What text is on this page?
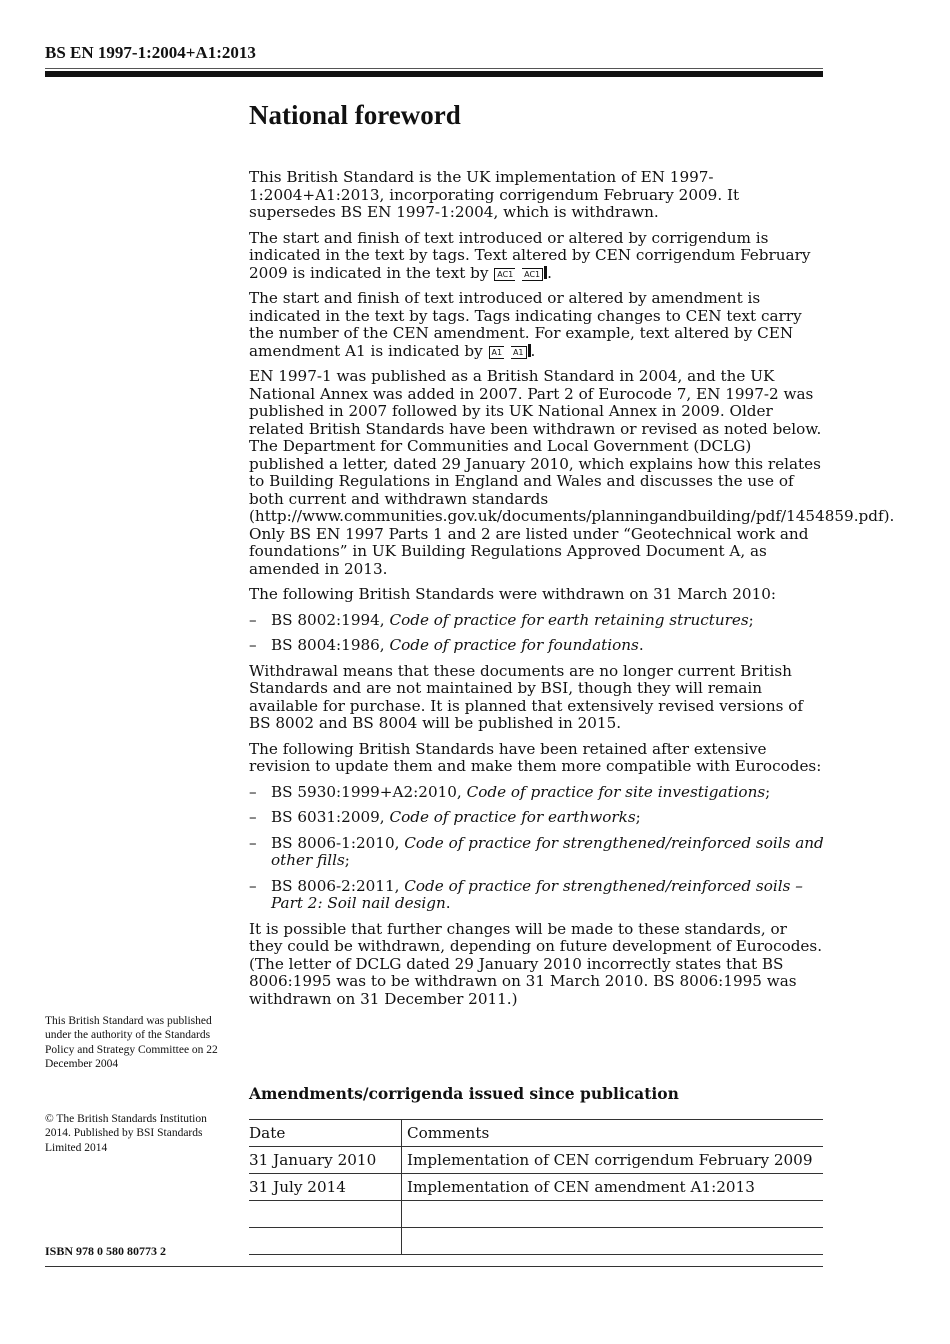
BS EN 1997-1:2004+A1:2013
National foreword

This British Standard is the UK implementation of EN 1997-1:2004+A1:2013, incorporating corrigendum February 2009. It supersedes BS EN 1997-1:2004, which is withdrawn.

The start and finish of text introduced or altered by corrigendum is indicated in the text by tags. Text altered by CEN corrigendum February 2009 is indicated in the text by AC1 AC1 .

The start and finish of text introduced or altered by amendment is indicated in the text by tags. Tags indicating changes to CEN text carry the number of the CEN amendment. For example, text altered by CEN amendment A1 is indicated by A1 A1 .

EN 1997-1 was published as a British Standard in 2004, and the UK National Annex was added in 2007. Part 2 of Eurocode 7, EN 1997-2 was published in 2007 followed by its UK National Annex in 2009. Older related British Standards have been withdrawn or revised as noted below. The Department for Communities and Local Government (DCLG) published a letter, dated 29 January 2010, which explains how this relates to Building Regulations in England and Wales and discusses the use of both current and withdrawn standards (http://www.communities.gov.uk/documents/planningandbuilding/pdf/1454859.pdf). Only BS EN 1997 Parts 1 and 2 are listed under “Geotechnical work and foundations” in UK Building Regulations Approved Document A, as amended in 2013.

The following British Standards were withdrawn on 31 March 2010:

– BS 8002:1994, Code of practice for earth retaining structures;
– BS 8004:1986, Code of practice for foundations.

Withdrawal means that these documents are no longer current British Standards and are not maintained by BSI, though they will remain available for purchase. It is planned that extensively revised versions of BS 8002 and BS 8004 will be published in 2015.

The following British Standards have been retained after extensive revision to update them and make them more compatible with Eurocodes:

– BS 5930:1999+A2:2010, Code of practice for site investigations;
– BS 6031:2009, Code of practice for earthworks;
– BS 8006-1:2010, Code of practice for strengthened/reinforced soils and other fills;
– BS 8006-2:2011, Code of practice for strengthened/reinforced soils – Part 2: Soil nail design.

It is possible that further changes will be made to these standards, or they could be withdrawn, depending on future development of Eurocodes. (The letter of DCLG dated 29 January 2010 incorrectly states that BS 8006:1995 was to be withdrawn on 31 March 2010. BS 8006:1995 was withdrawn on 31 December 2011.)

This British Standard was published under the authority of the Standards Policy and Strategy Committee on 22 December 2004
© The British Standards Institution 2014. Published by BSI Standards Limited 2014
Amendments/corrigenda issued since publication
Date	Comments
31 January 2010	Implementation of CEN corrigendum February 2009
31 July 2014	Implementation of CEN amendment A1:2013

ISBN 978 0 580 80773 2
